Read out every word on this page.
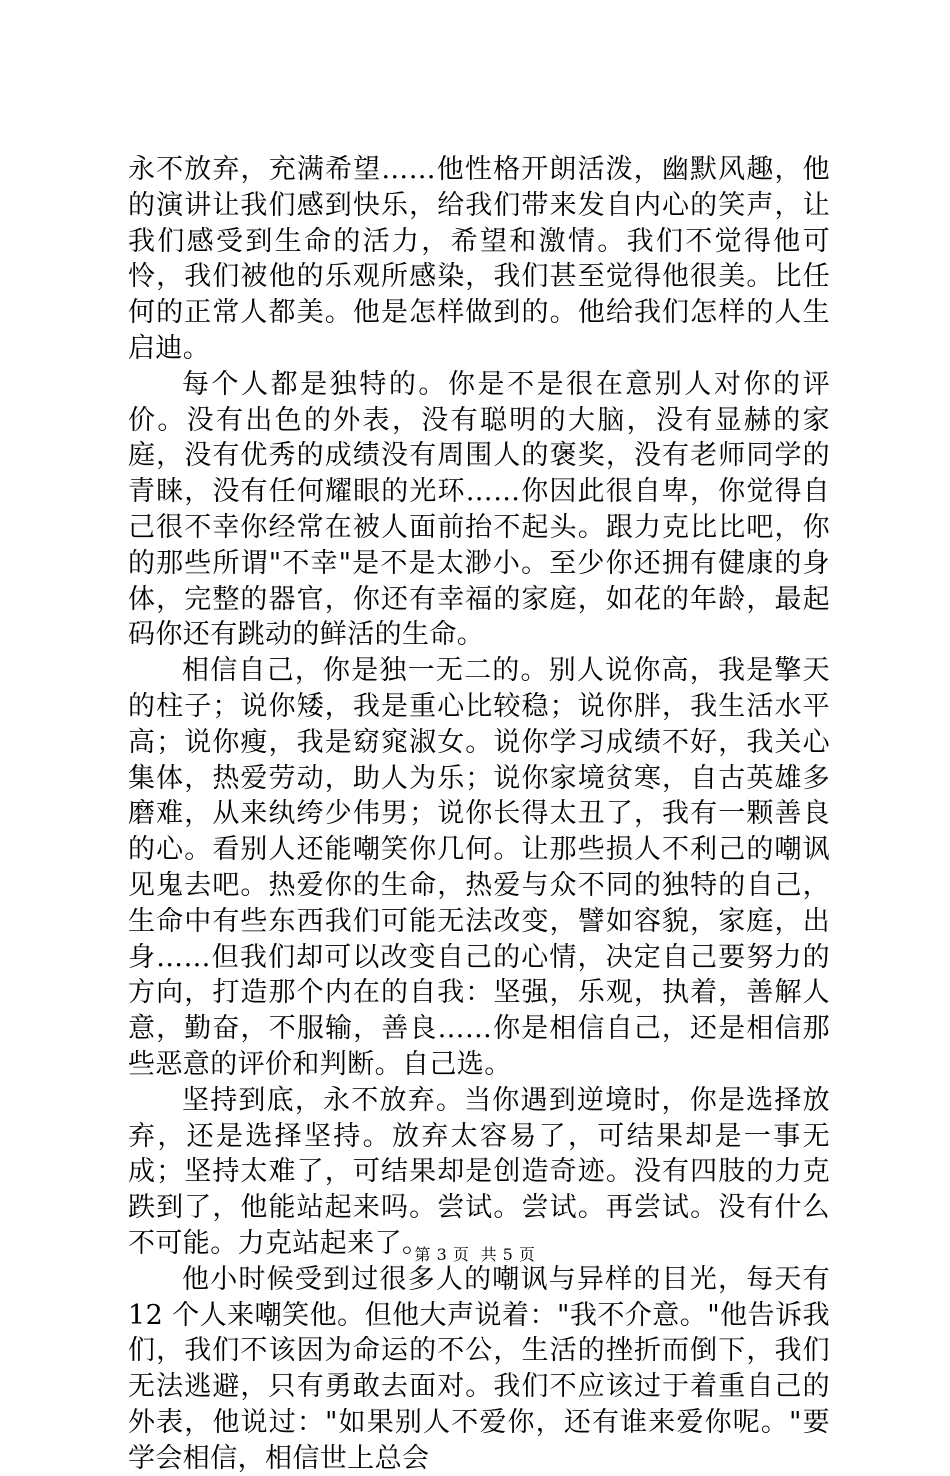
永不放弃，充满希望……他性格开朗活泼，幽默风趣，他的演讲让我们感到快乐，给我们带来发自内心的笑声，让我们感受到生命的活力，希望和激情。我们不觉得他可怜，我们被他的乐观所感染，我们甚至觉得他很美。比任何的正常人都美。他是怎样做到的。他给我们怎样的人生启迪。

每个人都是独特的。你是不是很在意别人对你的评价。没有出色的外表，没有聪明的大脑，没有显赫的家庭，没有优秀的成绩没有周围人的褒奖，没有老师同学的青睐，没有任何耀眼的光环……你因此很自卑，你觉得自己很不幸你经常在被人面前抬不起头。跟力克比比吧，你的那些所谓"不幸"是不是太渺小。至少你还拥有健康的身体，完整的器官，你还有幸福的家庭，如花的年龄，最起码你还有跳动的鲜活的生命。

相信自己，你是独一无二的。别人说你高，我是擎天的柱子；说你矮，我是重心比较稳；说你胖，我生活水平高；说你瘦，我是窈窕淑女。说你学习成绩不好，我关心集体，热爱劳动，助人为乐；说你家境贫寒，自古英雄多磨难，从来纨绔少伟男；说你长得太丑了，我有一颗善良的心。看别人还能嘲笑你几何。让那些损人不利己的嘲讽见鬼去吧。热爱你的生命，热爱与众不同的独特的自己，生命中有些东西我们可能无法改变，譬如容貌，家庭，出身……但我们却可以改变自己的心情，决定自己要努力的方向，打造那个内在的自我：坚强，乐观，执着，善解人意，勤奋，不服输，善良……你是相信自己，还是相信那些恶意的评价和判断。自己选。

坚持到底，永不放弃。当你遇到逆境时，你是选择放弃，还是选择坚持。放弃太容易了，可结果却是一事无成；坚持太难了，可结果却是创造奇迹。没有四肢的力克跌到了，他能站起来吗。尝试。尝试。再尝试。没有什么不可能。力克站起来了。

他小时候受到过很多人的嘲讽与异样的目光，每天有 12 个人来嘲笑他。但他大声说着："我不介意。"他告诉我们，我们不该因为命运的不公，生活的挫折而倒下，我们无法逃避，只有勇敢去面对。我们不应该过于着重自己的外表，他说过："如果别人不爱你，还有谁来爱你呢。"要学会相信，相信世上总会

第 3 页 共 5 页
